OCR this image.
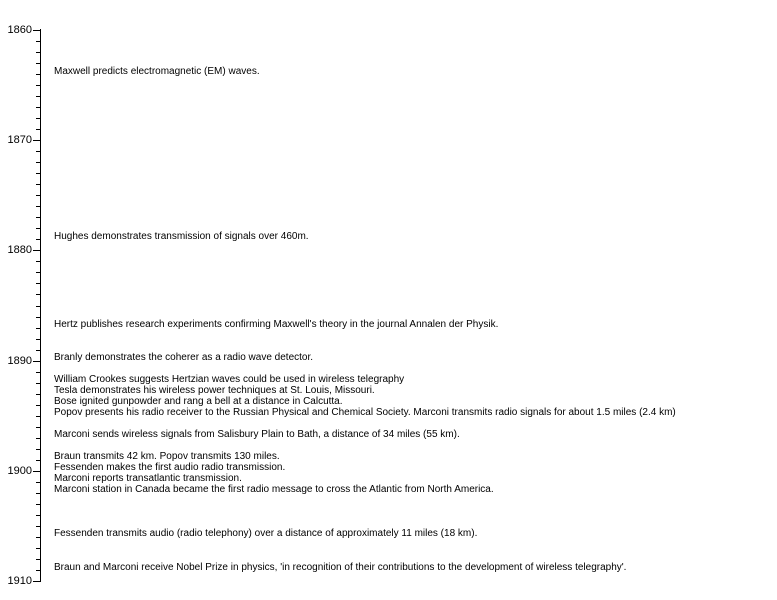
1860
1870
1880
1890
1900
1910
Maxwell predicts electromagnetic (EM) waves.
Hughes demonstrates transmission of signals over 460m.
Hertz publishes research experiments confirming Maxwell's theory in the journal Annalen der Physik.
Branly demonstrates the coherer as a radio wave detector.
William Crookes suggests Hertzian waves could be used in wireless telegraphy
Tesla demonstrates his wireless power techniques at St. Louis, Missouri.
Bose ignited gunpowder and rang a bell at a distance in Calcutta.
Popov presents his radio receiver to the Russian Physical and Chemical Society. Marconi transmits radio signals for about 1.5 miles (2.4 km)
Marconi sends wireless signals from Salisbury Plain to Bath, a distance of 34 miles (55 km).
Braun transmits 42 km. Popov transmits 130 miles.
Fessenden makes the first audio radio transmission.
Marconi reports transatlantic transmission.
Marconi station in Canada became the first radio message to cross the Atlantic from North America.
Fessenden transmits audio (radio telephony) over a distance of approximately 11 miles (18 km).
Braun and Marconi receive Nobel Prize in physics, 'in recognition of their contributions to the development of wireless telegraphy'.
